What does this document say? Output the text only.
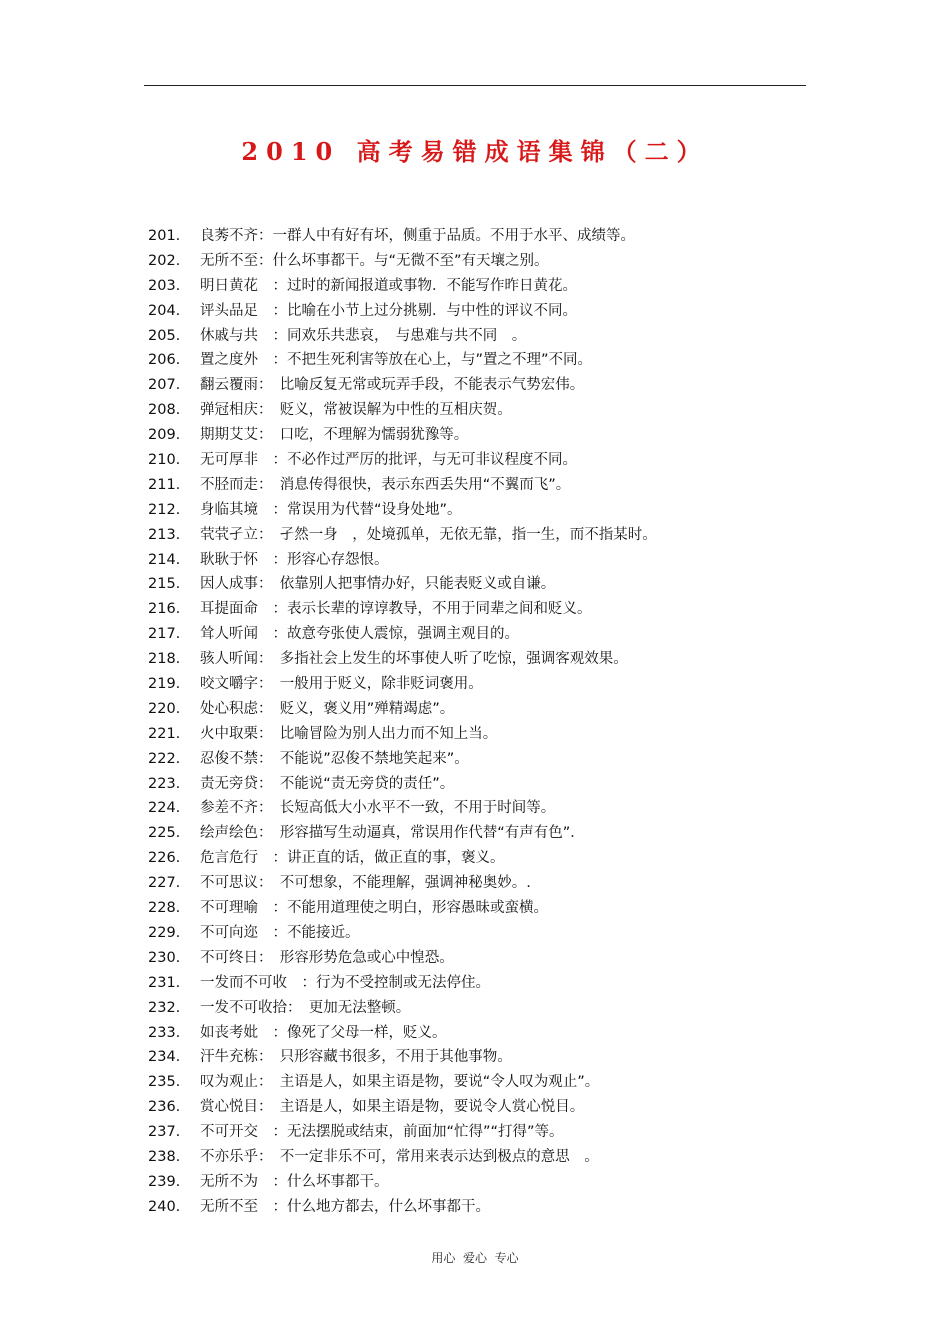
2010 高考易错成语集锦（二）
201. 良莠不齐：一群人中有好有坏，侧重于品质。不用于水平、成绩等。
202. 无所不至：什么坏事都干。与“无微不至”有天壤之别。
203. 明日黄花　：过时的新闻报道或事物．不能写作昨日黄花。
204. 评头品足　：比喻在小节上过分挑剔．与中性的评议不同。
205. 休戚与共　：同欢乐共悲哀，　与患难与共不同　。
206. 置之度外　：不把生死利害等放在心上，与”置之不理”不同。
207. 翻云覆雨：　比喻反复无常或玩弄手段，不能表示气势宏伟。
208. 弹冠相庆：　贬义，常被误解为中性的互相庆贺。
209. 期期艾艾：　口吃，不理解为懦弱犹豫等。
210. 无可厚非　：不必作过严厉的批评，与无可非议程度不同。
211. 不胫而走：　消息传得很快，表示东西丢失用“不翼而飞”。
212. 身临其境　：常误用为代替“设身处地”。
213. 茕茕孑立：　孑然一身　，处境孤单，无依无靠，指一生，而不指某时。
214. 耿耿于怀　：形容心存怨恨。
215. 因人成事：　依靠别人把事情办好，只能表贬义或自谦。
216. 耳提面命　：表示长辈的谆谆教导，不用于同辈之间和贬义。
217. 耸人听闻　：故意夸张使人震惊，强调主观目的。
218. 骇人听闻：　多指社会上发生的坏事使人听了吃惊，强调客观效果。
219. 咬文嚼字：　一般用于贬义，除非贬词褒用。
220. 处心积虑：　贬义，褒义用”殚精竭虑”。
221. 火中取栗：　比喻冒险为别人出力而不知上当。
222. 忍俊不禁：　不能说”忍俊不禁地笑起来”。
223. 责无旁贷：　不能说“责无旁贷的责任”。
224. 参差不齐：　长短高低大小水平不一致，不用于时间等。
225. 绘声绘色：　形容描写生动逼真，常误用作代替“有声有色”．
226. 危言危行　：讲正直的话，做正直的事，褒义。
227. 不可思议：　不可想象，不能理解，强调神秘奥妙。.
228. 不可理喻　：不能用道理使之明白，形容愚昧或蛮横。
229. 不可向迩　：不能接近。
230. 不可终日：　形容形势危急或心中惶恐。
231. 一发而不可收　：行为不受控制或无法停住。
232. 一发不可收拾：　更加无法整顿。
233. 如丧考妣　：像死了父母一样，贬义。
234. 汗牛充栋：　只形容藏书很多，不用于其他事物。
235. 叹为观止：　主语是人，如果主语是物，要说“令人叹为观止”。
236. 赏心悦目：　主语是人，如果主语是物，要说令人赏心悦目。
237. 不可开交　：无法摆脱或结束，前面加“忙得”“打得”等。
238. 不亦乐乎：　不一定非乐不可，常用来表示达到极点的意思　。
239. 无所不为　：什么坏事都干。
240. 无所不至　：什么地方都去，什么坏事都干。
用心  爱心  专心
